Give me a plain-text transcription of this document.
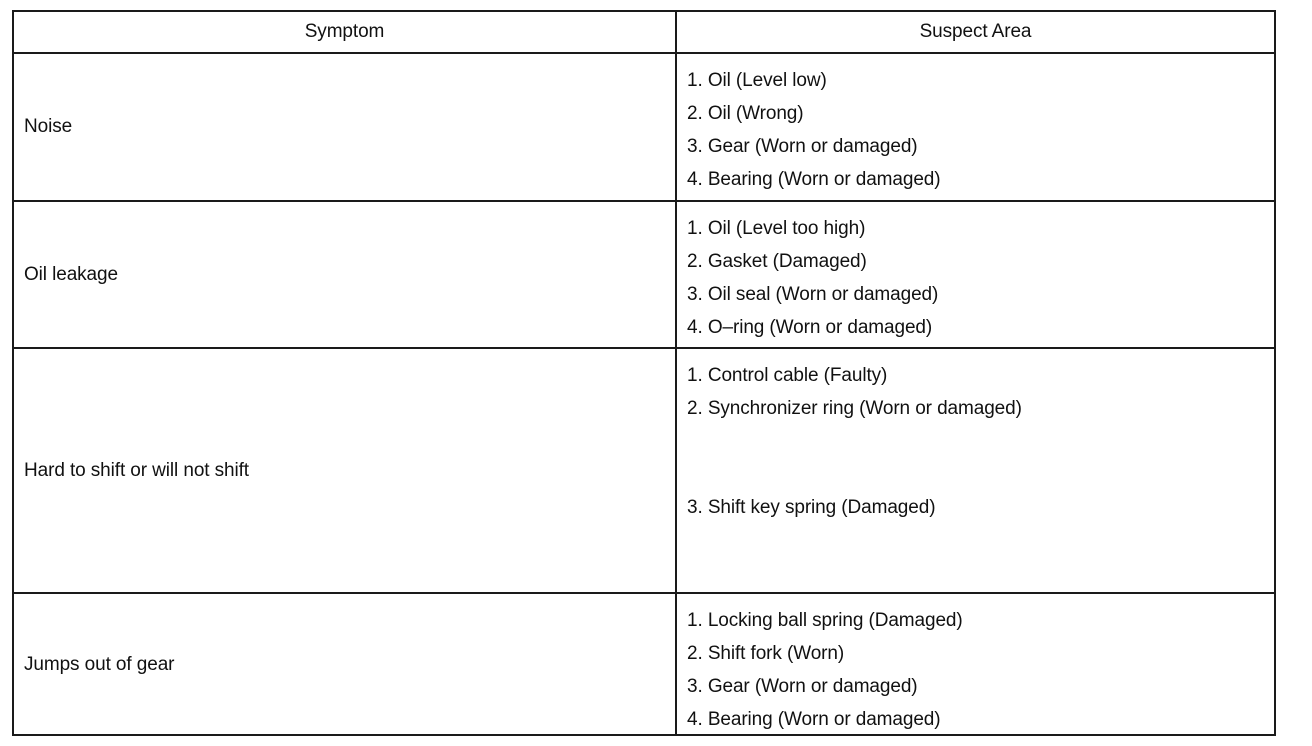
Symptom	Suspect Area
Noise
1. Oil (Level low)
2. Oil (Wrong)
3. Gear (Worn or damaged)
4. Bearing (Worn or damaged)
Oil leakage
1. Oil (Level too high)
2. Gasket (Damaged)
3. Oil seal (Worn or damaged)
4. O–ring (Worn or damaged)
Hard to shift or will not shift
1. Control cable (Faulty)
2. Synchronizer ring (Worn or damaged)
3. Shift key spring (Damaged)
Jumps out of gear
1. Locking ball spring (Damaged)
2. Shift fork (Worn)
3. Gear (Worn or damaged)
4. Bearing (Worn or damaged)
